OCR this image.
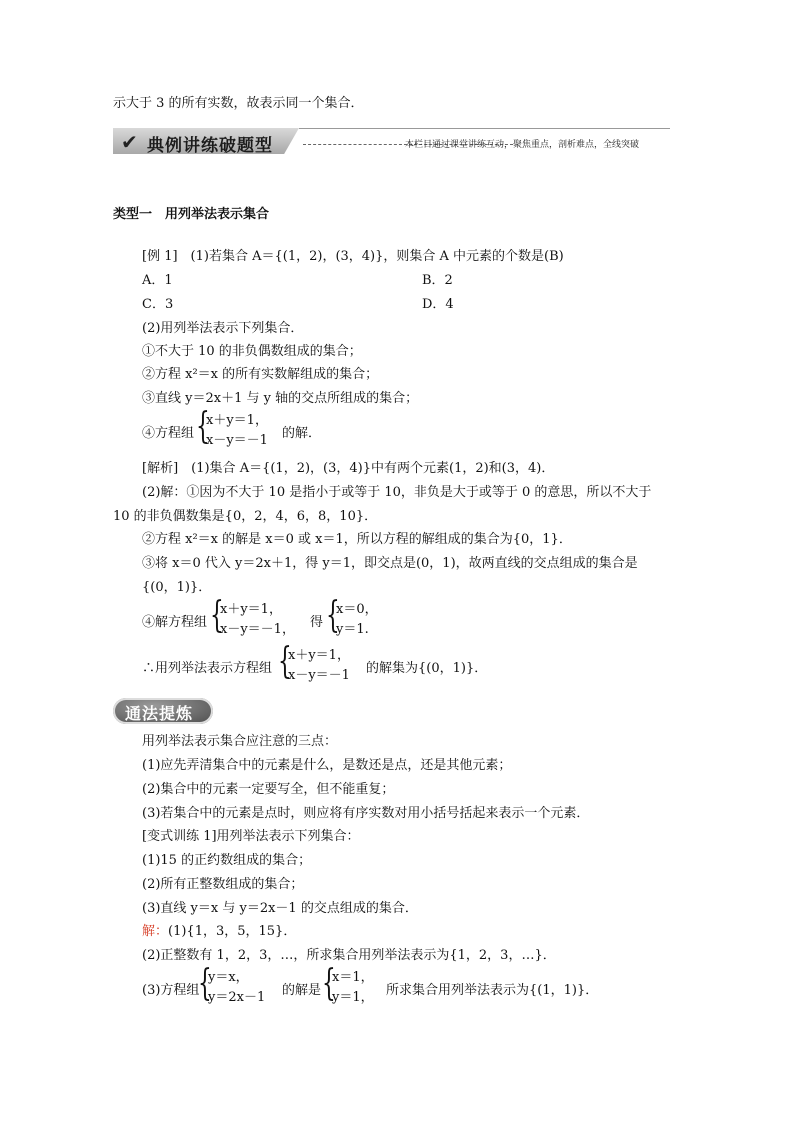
示大于 3 的所有实数，故表示同一个集合．
✔ 典例讲练破题型	本栏目通过课堂讲练互动，聚焦重点，剖析难点，全线突破
类型一　用列举法表示集合
[例 1]　(1)若集合 A＝{(1，2)，(3，4)}，则集合 A 中元素的个数是(B)
A．1	B．2
C．3	D．4
(2)用列举法表示下列集合．
①不大于 10 的非负偶数组成的集合；
②方程 x²＝x 的所有实数解组成的集合；
③直线 y＝2x＋1 与 y 轴的交点所组成的集合；
④方程组 {
x＋y＝1，
x－y＝－1 的解．
[解析]　(1)集合 A＝{(1，2)，(3，4)}中有两个元素(1，2)和(3，4)．
(2)解：①因为不大于 10 是指小于或等于 10，非负是大于或等于 0 的意思，所以不大于
10 的非负偶数集是{0，2，4，6，8，10}．
②方程 x²＝x 的解是 x＝0 或 x＝1，所以方程的解组成的集合为{0，1}．
③将 x＝0 代入 y＝2x＋1，得 y＝1，即交点是(0，1)，故两直线的交点组成的集合是
{(0，1)}．
④解方程组 {
x＋y＝1，
x－y＝－1， 得 {
x＝0，
y＝1.
∴用列举法表示方程组 {
x＋y＝1，
x－y＝－1 的解集为{(0，1)}．
通法提炼
用列举法表示集合应注意的三点：
(1)应先弄清集合中的元素是什么，是数还是点，还是其他元素；
(2)集合中的元素一定要写全，但不能重复；
(3)若集合中的元素是点时，则应将有序实数对用小括号括起来表示一个元素．
[变式训练 1]用列举法表示下列集合：
(1)15 的正约数组成的集合；
(2)所有正整数组成的集合；
(3)直线 y＝x 与 y＝2x－1 的交点组成的集合．
解：(1){1，3，5，15}．
(2)正整数有 1，2，3，…，所求集合用列举法表示为{1，2，3，…}．
(3)方程组
{
y＝x，
y＝2x－1 的解是 {
x＝1，
y＝1， 所求集合用列举法表示为{(1，1)}．
